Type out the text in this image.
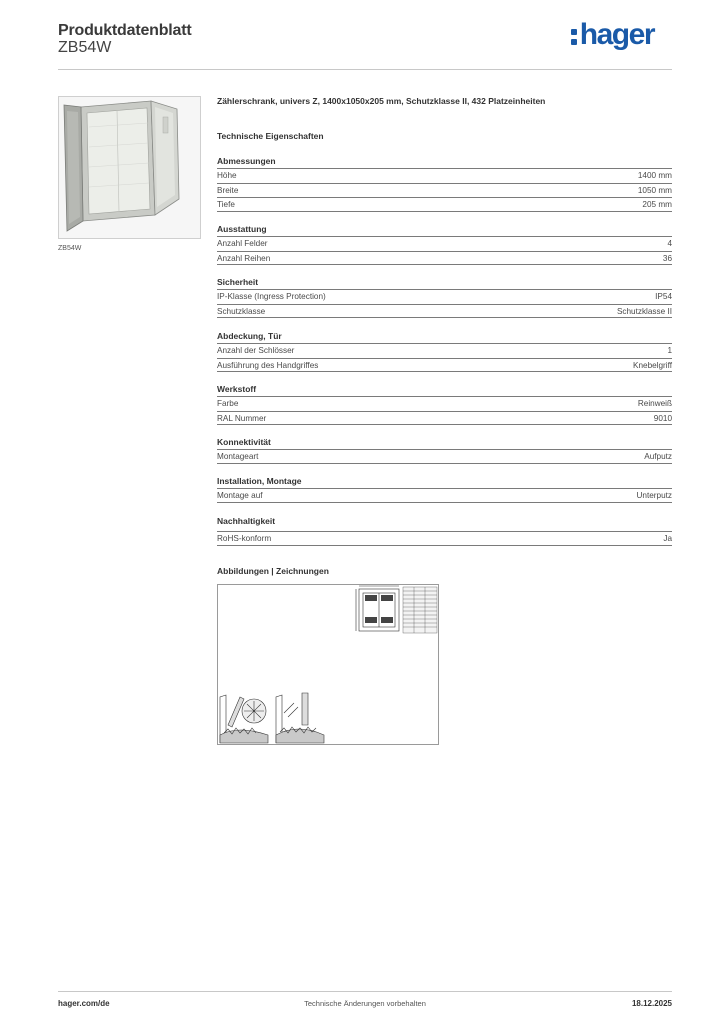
Produktdatenblatt
ZB54W	hager
ZB54W
Zählerschrank, univers Z, 1400x1050x205 mm, Schutzklasse II, 432 Platzeinheiten
Technische Eigenschaften
Abmessungen
Höhe	1400 mm
Breite	1050 mm
Tiefe	205 mm
Ausstattung
Anzahl Felder	4
Anzahl Reihen	36
Sicherheit
IP-Klasse (Ingress Protection)	IP54
Schutzklasse	Schutzklasse II
Abdeckung, Tür
Anzahl der Schlösser	1
Ausführung des Handgriffes	Knebelgriff
Werkstoff
Farbe	Reinweiß
RAL Nummer	9010
Konnektivität
Montageart	Aufputz
Installation, Montage
Montage auf	Unterputz
Nachhaltigkeit
RoHS-konform	Ja
Abbildungen | Zeichnungen
hager.com/de	Technische Änderungen vorbehalten	18.12.2025
